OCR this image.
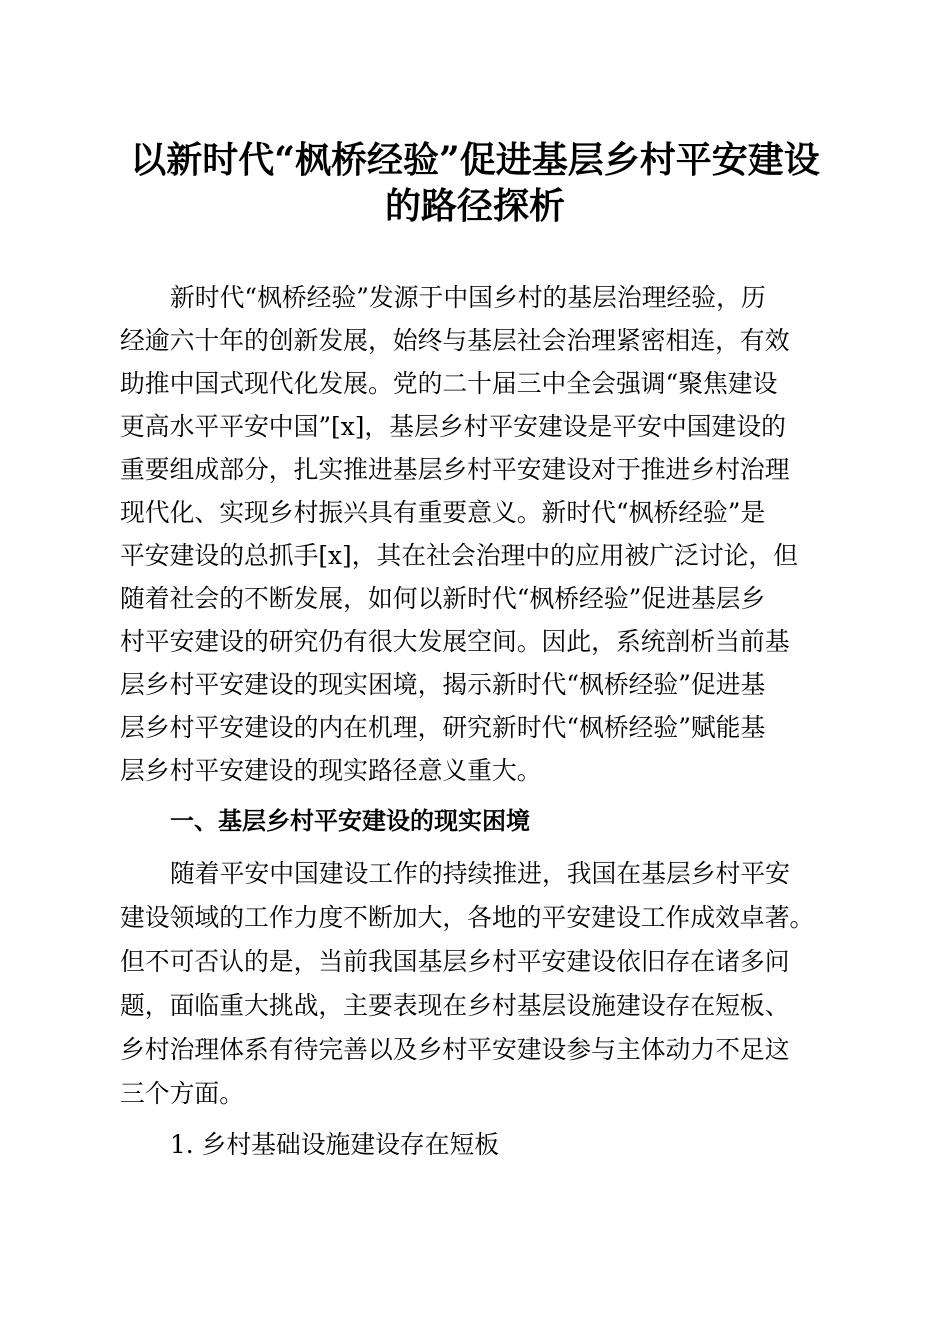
以新时代“枫桥经验”促进基层乡村平安建设
的路径探析
新时代“枫桥经验”发源于中国乡村的基层治理经验，历
经逾六十年的创新发展，始终与基层社会治理紧密相连，有效
助推中国式现代化发展。党的二十届三中全会强调“聚焦建设
更高水平平安中国”[x]，基层乡村平安建设是平安中国建设的
重要组成部分，扎实推进基层乡村平安建设对于推进乡村治理
现代化、实现乡村振兴具有重要意义。新时代“枫桥经验”是
平安建设的总抓手[x]，其在社会治理中的应用被广泛讨论，但
随着社会的不断发展，如何以新时代“枫桥经验”促进基层乡
村平安建设的研究仍有很大发展空间。因此，系统剖析当前基
层乡村平安建设的现实困境，揭示新时代“枫桥经验”促进基
层乡村平安建设的内在机理，研究新时代“枫桥经验”赋能基
层乡村平安建设的现实路径意义重大。
一、基层乡村平安建设的现实困境
随着平安中国建设工作的持续推进，我国在基层乡村平安
建设领域的工作力度不断加大，各地的平安建设工作成效卓著。
但不可否认的是，当前我国基层乡村平安建设依旧存在诸多问
题，面临重大挑战，主要表现在乡村基层设施建设存在短板、
乡村治理体系有待完善以及乡村平安建设参与主体动力不足这
三个方面。
1. 乡村基础设施建设存在短板
